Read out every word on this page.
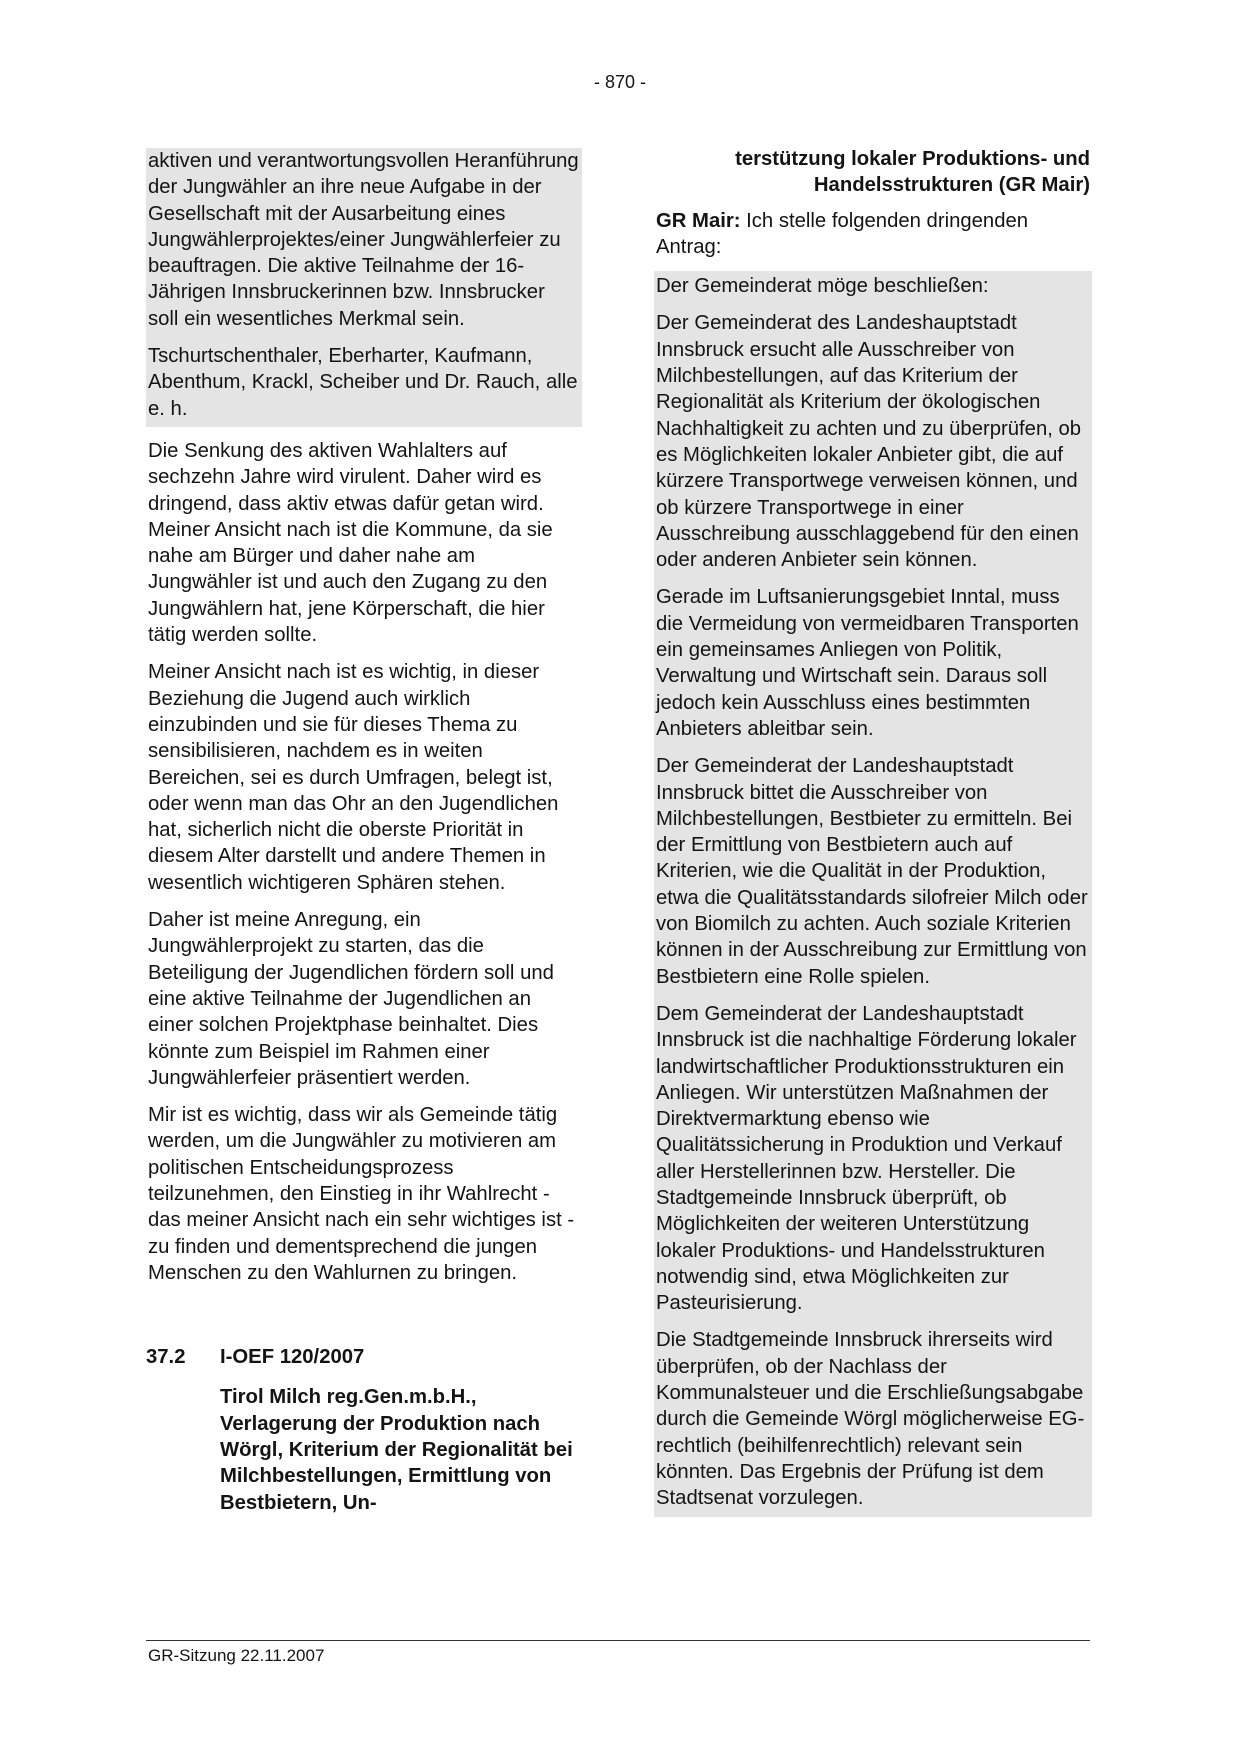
- 870 -

aktiven und verantwortungsvollen Heranführung der Jungwähler an ihre neue Aufgabe in der Gesellschaft mit der Ausarbeitung eines Jungwählerprojektes/einer Jungwählerfeier zu beauftragen. Die aktive Teilnahme der 16-Jährigen Innsbruckerinnen bzw. Innsbrucker soll ein wesentliches Merkmal sein.

Tschurtschenthaler, Eberharter, Kaufmann, Abenthum, Krackl, Scheiber und Dr. Rauch, alle e. h.

Die Senkung des aktiven Wahlalters auf sechzehn Jahre wird virulent. Daher wird es dringend, dass aktiv etwas dafür getan wird. Meiner Ansicht nach ist die Kommune, da sie nahe am Bürger und daher nahe am Jungwähler ist und auch den Zugang zu den Jungwählern hat, jene Körperschaft, die hier tätig werden sollte.

Meiner Ansicht nach ist es wichtig, in dieser Beziehung die Jugend auch wirklich einzubinden und sie für dieses Thema zu sensibilisieren, nachdem es in weiten Bereichen, sei es durch Umfragen, belegt ist, oder wenn man das Ohr an den Jugendlichen hat, sicherlich nicht die oberste Priorität in diesem Alter darstellt und andere Themen in wesentlich wichtigeren Sphären stehen.

Daher ist meine Anregung, ein Jungwählerprojekt zu starten, das die Beteiligung der Jugendlichen fördern soll und eine aktive Teilnahme der Jugendlichen an einer solchen Projektphase beinhaltet. Dies könnte zum Beispiel im Rahmen einer Jungwählerfeier präsentiert werden.

Mir ist es wichtig, dass wir als Gemeinde tätig werden, um die Jungwähler zu motivieren am politischen Entscheidungsprozess teilzunehmen, den Einstieg in ihr Wahlrecht - das meiner Ansicht nach ein sehr wichtiges ist - zu finden und dementsprechend die jungen Menschen zu den Wahlurnen zu bringen.

37.2	I-OEF 120/2007
Tirol Milch reg.Gen.m.b.H., Verlagerung der Produktion nach Wörgl, Kriterium der Regionalität bei Milchbestellungen, Ermittlung von Bestbietern, Un-
terstützung lokaler Produktions- und Handelsstrukturen (GR Mair)

GR Mair: Ich stelle folgenden dringenden Antrag:

Der Gemeinderat möge beschließen:

Der Gemeinderat des Landeshauptstadt Innsbruck ersucht alle Ausschreiber von Milchbestellungen, auf das Kriterium der Regionalität als Kriterium der ökologischen Nachhaltigkeit zu achten und zu überprüfen, ob es Möglichkeiten lokaler Anbieter gibt, die auf kürzere Transportwege verweisen können, und ob kürzere Transportwege in einer Ausschreibung ausschlaggebend für den einen oder anderen Anbieter sein können.

Gerade im Luftsanierungsgebiet Inntal, muss die Vermeidung von vermeidbaren Transporten ein gemeinsames Anliegen von Politik, Verwaltung und Wirtschaft sein. Daraus soll jedoch kein Ausschluss eines bestimmten Anbieters ableitbar sein.

Der Gemeinderat der Landeshauptstadt Innsbruck bittet die Ausschreiber von Milchbestellungen, Bestbieter zu ermitteln. Bei der Ermittlung von Bestbietern auch auf Kriterien, wie die Qualität in der Produktion, etwa die Qualitätsstandards silofreier Milch oder von Biomilch zu achten. Auch soziale Kriterien können in der Ausschreibung zur Ermittlung von Bestbietern eine Rolle spielen.

Dem Gemeinderat der Landeshauptstadt Innsbruck ist die nachhaltige Förderung lokaler landwirtschaftlicher Produktionsstrukturen ein Anliegen. Wir unterstützen Maßnahmen der Direktvermarktung ebenso wie Qualitätssicherung in Produktion und Verkauf aller Herstellerinnen bzw. Hersteller. Die Stadtgemeinde Innsbruck überprüft, ob Möglichkeiten der weiteren Unterstützung lokaler Produktions- und Handelsstrukturen notwendig sind, etwa Möglichkeiten zur Pasteurisierung.

Die Stadtgemeinde Innsbruck ihrerseits wird überprüfen, ob der Nachlass der Kommunalsteuer und die Erschließungsabgabe durch die Gemeinde Wörgl möglicherweise EG-rechtlich (beihilfenrechtlich) relevant sein könnten. Das Ergebnis der Prüfung ist dem Stadtsenat vorzulegen.

GR-Sitzung 22.11.2007
